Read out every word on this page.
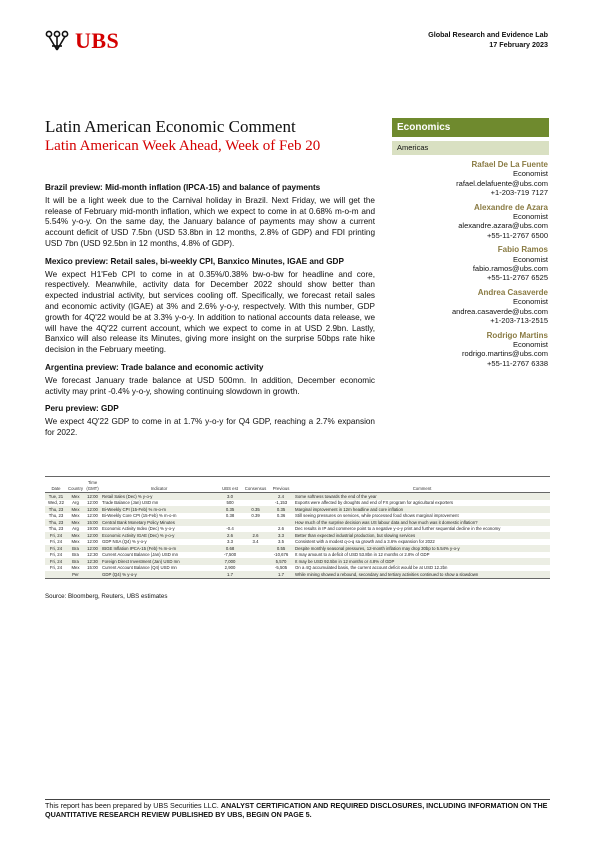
UBS	Global Research and Evidence Lab
17 February 2023
Latin American Economic Comment
Latin American Week Ahead, Week of Feb 20
Economics
Americas
Rafael De La Fuente
Economist
rafael.delafuente@ubs.com
+1-203-719 7127
Alexandre de Azara
Economist
alexandre.azara@ubs.com
+55-11-2767 6500
Fabio Ramos
Economist
fabio.ramos@ubs.com
+55-11-2767 6525
Andrea Casaverde
Economist
andrea.casaverde@ubs.com
+1-203-713-2515
Rodrigo Martins
Economist
rodrigo.martins@ubs.com
+55-11-2767 6338
Brazil preview: Mid-month inflation (IPCA-15) and balance of payments

It will be a light week due to the Carnival holiday in Brazil. Next Friday, we will get the release of February mid-month inflation, which we expect to come in at 0.68% m-o-m and 5.54% y-o-y. On the same day, the January balance of payments may show a current account deficit of USD 7.5bn (USD 53.8bn in 12 months, 2.8% of GDP) and FDI printing USD 7bn (USD 92.5bn in 12 months, 4.8% of GDP).

Mexico preview: Retail sales, bi-weekly CPI, Banxico Minutes, IGAE and GDP

We expect H1'Feb CPI to come in at 0.35%/0.38% bw-o-bw for headline and core, respectively. Meanwhile, activity data for December 2022 should show better than expected industrial activity, but services cooling off. Specifically, we forecast retail sales and economic activity (IGAE) at 3% and 2.6% y-o-y, respectvely. With this number, GDP growth for 4Q'22 would be at 3.3% y-o-y. In addition to national accounts data release, we will have the 4Q'22 current account, which we expect to come in at USD 2.9bn. Lastly, Banxico will also release its Minutes, giving more insight on the surprise 50bps rate hike decision in the February meeting.

Argentina preview: Trade balance and economic activity

We forecast January trade balance at USD 500mn. In addition, December economic activity may print -0.4% y-o-y, showing continuing slowdown in growth.

Peru preview: GDP

We expect 4Q'22 GDP to come in at 1.7% y-o-y for Q4 GDP, reaching a 2.7% expansion for 2022.

Date	Country	Time (GMT)	Indicator	UBS est	Consensus	Previous	Comment
Tue, 21	Mex	12:00	Retail Sales (Dec) % y-o-y	3.0		2.4	Some softness towards the end of the year
Wed, 22	Arg	12:00	Trade Balance (Jan) USD mn	500		-1,153	Exports were affected by droughts and end of FX program for agricultural exporters
Thu, 23	Mex	12:00	Bi-Weekly CPI (15-Feb) % m-o-m	0.35	0.35	0.35	Marginal improvement in 12m headline and core inflation
Thu, 23	Mex	12:00	Bi-Weekly Core CPI (15-Feb) % m-o-m	0.38	0.39	0.36	Still seeing pressures on services, while processed food shows marginal improvement
Thu, 23	Mex	15:00	Central Bank Monetary Policy Minutes				How much of the surprise decision was US labour data and how much was it domestic inflation?
Thu, 23	Arg	19:00	Economic Activity Index (Dec) % y-o-y	-0.4		2.6	Dec results in IP and commerce point to a negative y-o-y print and further sequential decline in the economy
Fri, 24	Mex	12:00	Economic Activity IGAE (Dec) % y-o-y	2.6	2.6	3.3	Better than expected industrial production, but slowing services
Fri, 24	Mex	12:00	GDP NSA (Q4) % y-o-y	3.3	3.4	3.5	Consistent with a modest q-o-q sa growth and a 3.6% expansion for 2022
Fri, 24	Bra	12:00	IBGE Inflation IPCA-15 (Feb) % m-o-m	0.68		0.55	Despite monthly seasonal pressures, 12-month inflation may drop 30bp to 5.54% y-o-y
Fri, 24	Bra	12:30	Current Account Balance (Jan) USD mn	-7,500		-10,676	It may amount to a deficit of USD 53.8bn in 12 months or 2.8% of GDP
Fri, 24	Bra	12:30	Foreign Direct Investment (Jan) USD mn	7,000		5,570	It may be USD 92.5bn in 12 months or 4.8% of GDP
Fri, 24	Mex	15:00	Current Account Balance (Q4) USD mn	2,900		-5,505	On a 4Q accumulated basis, the current account deficit would be at USD 12.2bn
	Per		GDP (Q4) % y-o-y	1.7		1.7	While mining showed a rebound, secondary and tertiary activities continued to show a slowdown
Source: Bloomberg, Reuters, UBS estimates
This report has been prepared by UBS Securities LLC. ANALYST CERTIFICATION AND REQUIRED DISCLOSURES, INCLUDING INFORMATION ON THE QUANTITATIVE RESEARCH REVIEW PUBLISHED BY UBS, BEGIN ON PAGE 5.
